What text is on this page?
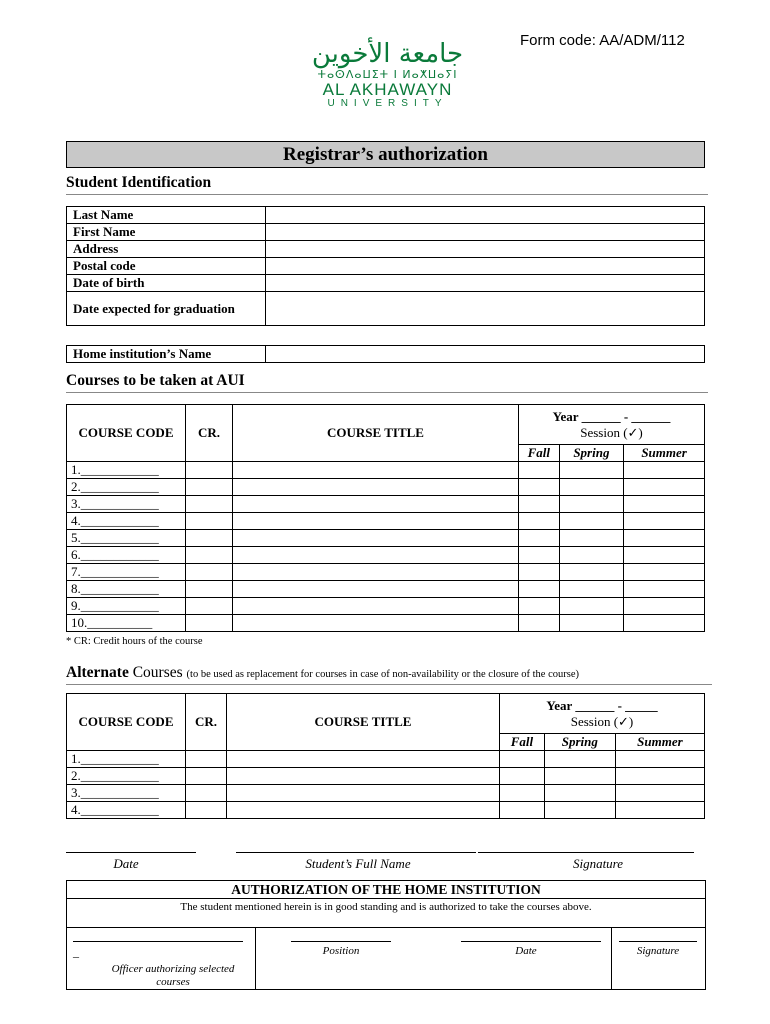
Form code: AA/ADM/112
جامعة الأخوين
ⵜⴰⵙⴷⴰⵡⵉⵜ ⵏ ⵍⴰⵅⵡⴰⵢⵏ
AL AKHAWAYN
UNIVERSITY
Registrar’s authorization
Student Identification
Last Name	
First Name	
Address	
Postal code	
Date of birth	
Date expected for graduation	
Home institution’s Name	
Courses to be taken at AUI
COURSE CODE	CR.	COURSE TITLE	Year ______ - ______
Session (✓)		

			Fall	Spring	Summer
1.____________					
2.____________					
3.____________					
4.____________					
5.____________					
6.____________					
7.____________					
8.____________					
9.____________					
10.__________					
* CR: Credit hours of the course
Alternate Courses (to be used as replacement for courses in case of non-availability or the closure of the course)
COURSE CODE	CR.	COURSE TITLE	Year ______ - _____
Session (✓)		

			Fall	Spring	Summer
1.____________					
2.____________					
3.____________					
4.____________					
Date	Student’s Full Name	Signature
AUTHORIZATION OF THE HOME INSTITUTION
The student mentioned herein is in good standing and is authorized to take the courses above.
_
Officer authorizing selected courses
Position	Date	Signature
